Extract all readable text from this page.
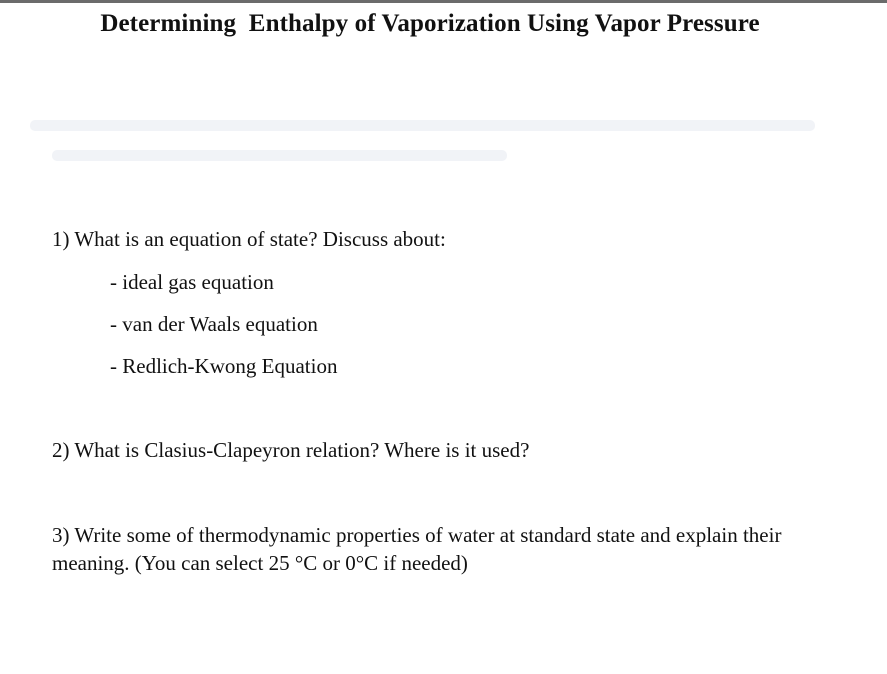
Determining  Enthalpy of Vaporization Using Vapor Pressure
1) What is an equation of state? Discuss about:
- ideal gas equation
- van der Waals equation
- Redlich-Kwong Equation
2) What is Clasius-Clapeyron relation? Where is it used?
3) Write some of thermodynamic properties of water at standard state and explain their meaning. (You can select 25 °C or 0°C if needed)
